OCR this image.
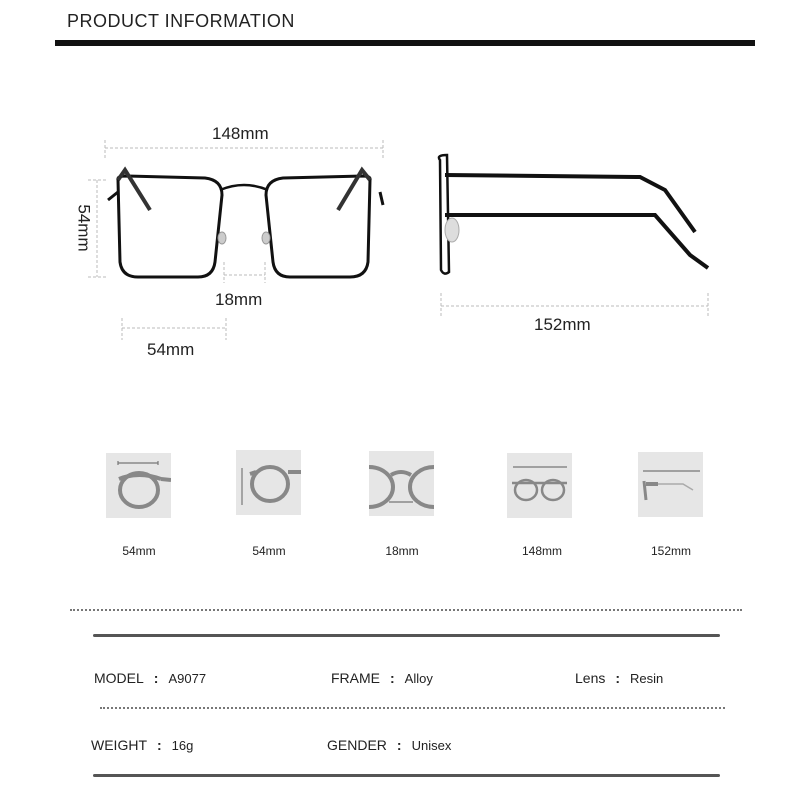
PRODUCT INFORMATION
148mm
54mm
18mm
54mm
152mm
54mm	54mm	18mm	148mm	152mm
MODEL : A9077	FRAME : Alloy	Lens : Resin
WEIGHT : 16g	GENDER : Unisex
